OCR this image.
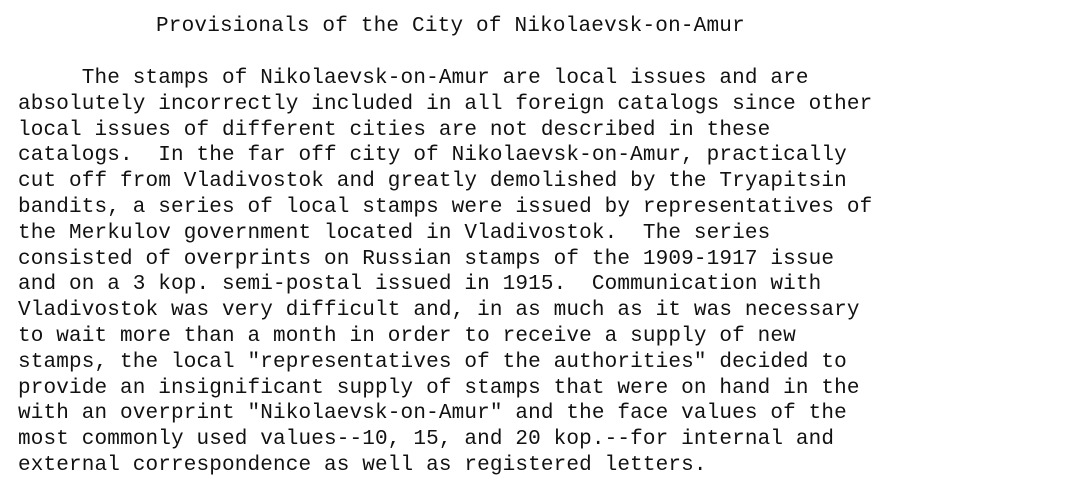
Provisionals of the City of Nikolaevsk-on-Amur
The stamps of Nikolaevsk-on-Amur are local issues and are
absolutely incorrectly included in all foreign catalogs since other
local issues of different cities are not described in these
catalogs.  In the far off city of Nikolaevsk-on-Amur, practically
cut off from Vladivostok and greatly demolished by the Tryapitsin
bandits, a series of local stamps were issued by representatives of
the Merkulov government located in Vladivostok.  The series
consisted of overprints on Russian stamps of the 1909-1917 issue
and on a 3 kop. semi-postal issued in 1915.  Communication with
Vladivostok was very difficult and, in as much as it was necessary
to wait more than a month in order to receive a supply of new
stamps, the local "representatives of the authorities" decided to
provide an insignificant supply of stamps that were on hand in the
with an overprint "Nikolaevsk-on-Amur" and the face values of the
most commonly used values--10, 15, and 20 kop.--for internal and
external correspondence as well as registered letters.
